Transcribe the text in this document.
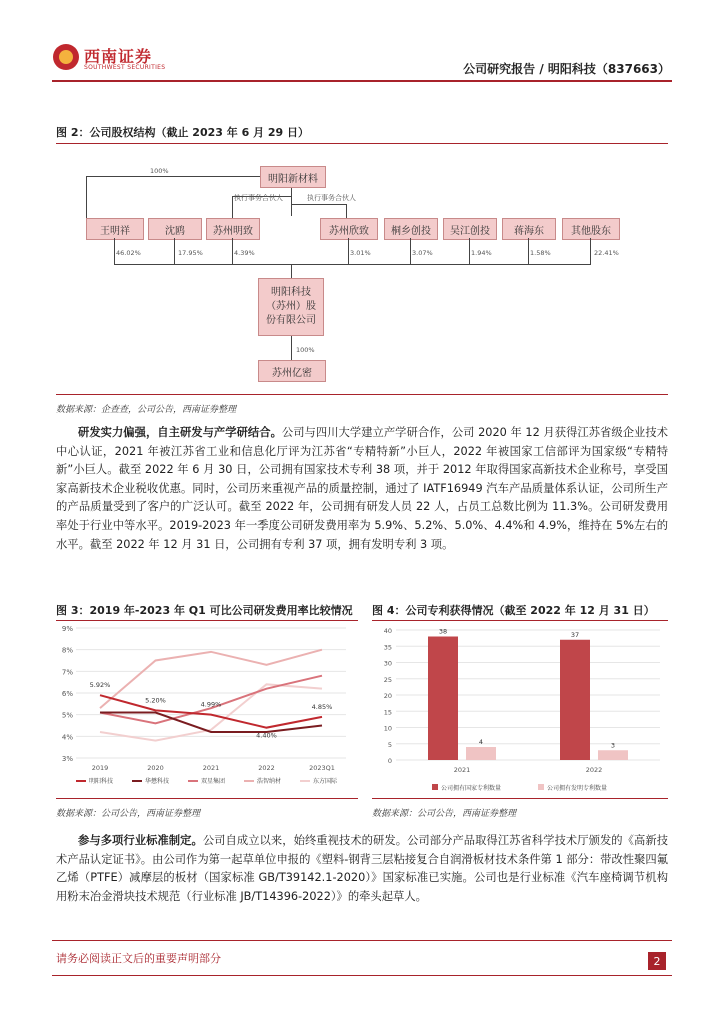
西南证券
SOUTHWEST SECURITIES	公司研究报告 / 明阳科技（837663）
图 2：公司股权结构（截止 2023 年 6 月 29 日）
100%
执行事务合伙人	执行事务合伙人
明阳新材料
王明祥	沈鸥	苏州明致	苏州欣致	桐乡创投	吴江创投	蒋海东	其他股东
46.02%	17.95%	4.39%	3.01%	3.07%	1.94%	1.58%	22.41%
明阳科技（苏州）股份有限公司
100%
苏州亿密
数据来源：企查查，公司公告，西南证券整理
研发实力偏强，自主研发与产学研结合。公司与四川大学建立产学研合作，公司 2020 年 12 月获得江苏省级企业技术中心认证，2021 年被江苏省工业和信息化厅评为江苏省“专精特新”小巨人，2022 年被国家工信部评为国家级“专精特新”小巨人。截至 2022 年 6 月 30 日，公司拥有国家技术专利 38 项，并于 2012 年取得国家高新技术企业称号，享受国家高新技术企业税收优惠。同时，公司历来重视产品的质量控制，通过了 IATF16949 汽车产品质量体系认证，公司所生产的产品质量受到了客户的广泛认可。截至 2022 年，公司拥有研发人员 22 人，占员工总数比例为 11.3%。公司研发费用率处于行业中等水平。2019-2023 年一季度公司研发费用率为 5.9%、5.2%、5.0%、4.4%和 4.9%，维持在 5%左右的水平。截至 2022 年 12 月 31 日，公司拥有专利 37 项，拥有发明专利 3 项。
图 3：2019 年-2023 年 Q1 可比公司研发费用率比较情况
3%
4%
5%
6%
7%
8%
9%
2019	2020	2021	2022	2023Q1
5.92%
5.20%
4.99%
4.40%
4.85%
明阳科技	华懋科技	双星集团	浩智纳材	东方国际
数据来源：公司公告，西南证券整理
图 4：公司专利获得情况（截至 2022 年 12 月 31 日）
0
5
10
15
20
25
30
35
40	38
4
2021
37
3
2022
公司拥有国家专利数量	公司拥有发明专利数量
数据来源：公司公告，西南证券整理
参与多项行业标准制定。公司自成立以来，始终重视技术的研发。公司部分产品取得江苏省科学技术厅颁发的《高新技术产品认定证书》。由公司作为第一起草单位申报的《塑料-钢背三层粘接复合自润滑板材技术条件第 1 部分：带改性聚四氟乙烯（PTFE）减摩层的板材（国家标准 GB/T39142.1-2020）》国家标准已实施。公司也是行业标准《汽车座椅调节机构用粉末冶金滑块技术规范（行业标准 JB/T14396-2022）》的牵头起草人。
请务必阅读正文后的重要声明部分	2
